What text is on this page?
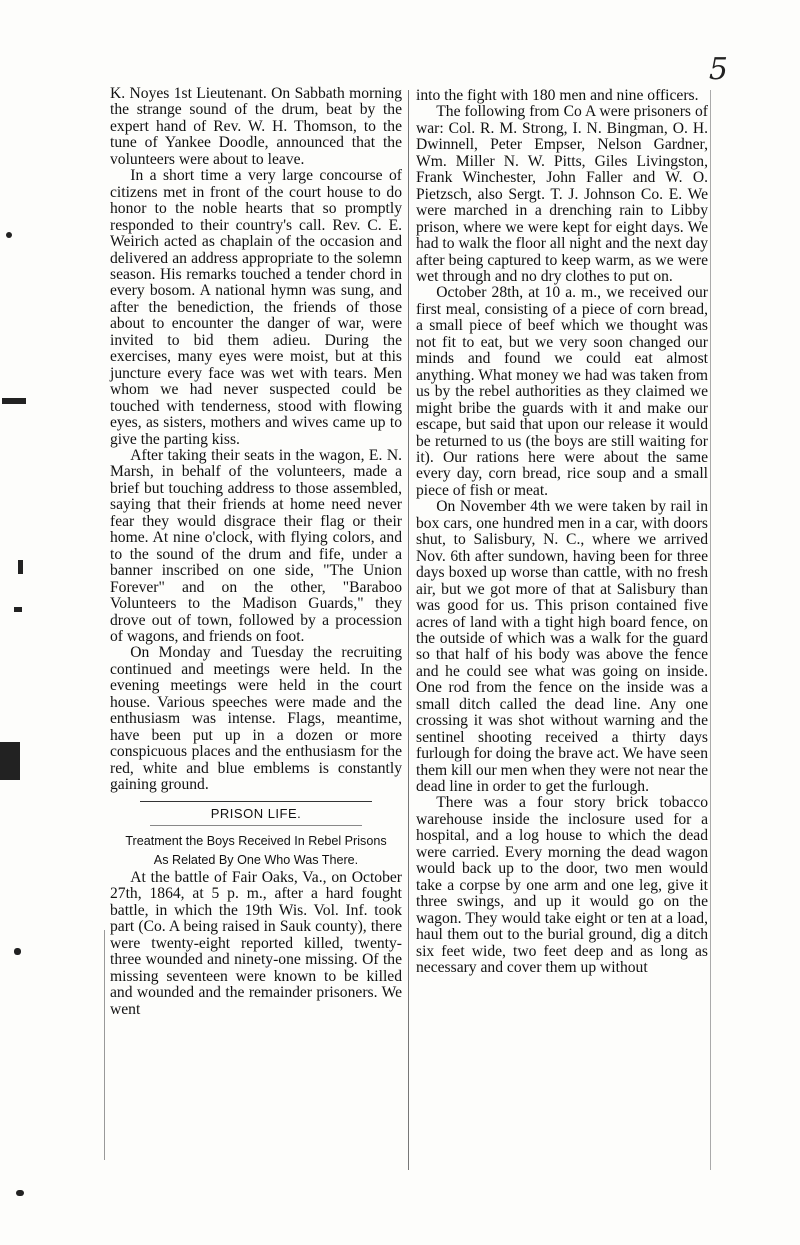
5

K. Noyes 1st Lieutenant. On Sabbath morning the strange sound of the drum, beat by the expert hand of Rev. W. H. Thomson, to the tune of Yankee Doodle, announced that the volunteers were about to leave.

In a short time a very large concourse of citizens met in front of the court house to do honor to the noble hearts that so promptly responded to their country's call. Rev. C. E. Weirich acted as chaplain of the occasion and delivered an address appropriate to the solemn season. His remarks touched a tender chord in every bosom. A national hymn was sung, and after the benediction, the friends of those about to encounter the danger of war, were invited to bid them adieu. During the exercises, many eyes were moist, but at this juncture every face was wet with tears. Men whom we had never suspected could be touched with tenderness, stood with flowing eyes, as sisters, mothers and wives came up to give the parting kiss.

After taking their seats in the wagon, E. N. Marsh, in behalf of the volunteers, made a brief but touching address to those assembled, saying that their friends at home need never fear they would disgrace their flag or their home. At nine o'clock, with flying colors, and to the sound of the drum and fife, under a banner inscribed on one side, "The Union Forever" and on the other, "Baraboo Volunteers to the Madison Guards," they drove out of town, followed by a procession of wagons, and friends on foot.

On Monday and Tuesday the recruiting continued and meetings were held. In the evening meetings were held in the court house. Various speeches were made and the enthusiasm was intense. Flags, meantime, have been put up in a dozen or more conspicuous places and the enthusiasm for the red, white and blue emblems is constantly gaining ground.

PRISON LIFE.

Treatment the Boys Received In Rebel Prisons

As Related By One Who Was There.

At the battle of Fair Oaks, Va., on October 27th, 1864, at 5 p. m., after a hard fought battle, in which the 19th Wis. Vol. Inf. took part (Co. A being raised in Sauk county), there were twenty-eight reported killed, twenty-three wounded and ninety-one missing. Of the missing seventeen were known to be killed and wounded and the remainder prisoners. We went

into the fight with 180 men and nine officers.

The following from Co A were prisoners of war: Col. R. M. Strong, I. N. Bingman, O. H. Dwinnell, Peter Empser, Nelson Gardner, Wm. Miller N. W. Pitts, Giles Livingston, Frank Winchester, John Faller and W. O. Pietzsch, also Sergt. T. J. Johnson Co. E. We were marched in a drenching rain to Libby prison, where we were kept for eight days. We had to walk the floor all night and the next day after being captured to keep warm, as we were wet through and no dry clothes to put on.

October 28th, at 10 a. m., we received our first meal, consisting of a piece of corn bread, a small piece of beef which we thought was not fit to eat, but we very soon changed our minds and found we could eat almost anything. What money we had was taken from us by the rebel authorities as they claimed we might bribe the guards with it and make our escape, but said that upon our release it would be returned to us (the boys are still waiting for it). Our rations here were about the same every day, corn bread, rice soup and a small piece of fish or meat.

On November 4th we were taken by rail in box cars, one hundred men in a car, with doors shut, to Salisbury, N. C., where we arrived Nov. 6th after sundown, having been for three days boxed up worse than cattle, with no fresh air, but we got more of that at Salisbury than was good for us. This prison contained five acres of land with a tight high board fence, on the outside of which was a walk for the guard so that half of his body was above the fence and he could see what was going on inside. One rod from the fence on the inside was a small ditch called the dead line. Any one crossing it was shot without warning and the sentinel shooting received a thirty days furlough for doing the brave act. We have seen them kill our men when they were not near the dead line in order to get the furlough.

There was a four story brick tobacco warehouse inside the inclosure used for a hospital, and a log house to which the dead were carried. Every morning the dead wagon would back up to the door, two men would take a corpse by one arm and one leg, give it three swings, and up it would go on the wagon. They would take eight or ten at a load, haul them out to the burial ground, dig a ditch six feet wide, two feet deep and as long as necessary and cover them up without
